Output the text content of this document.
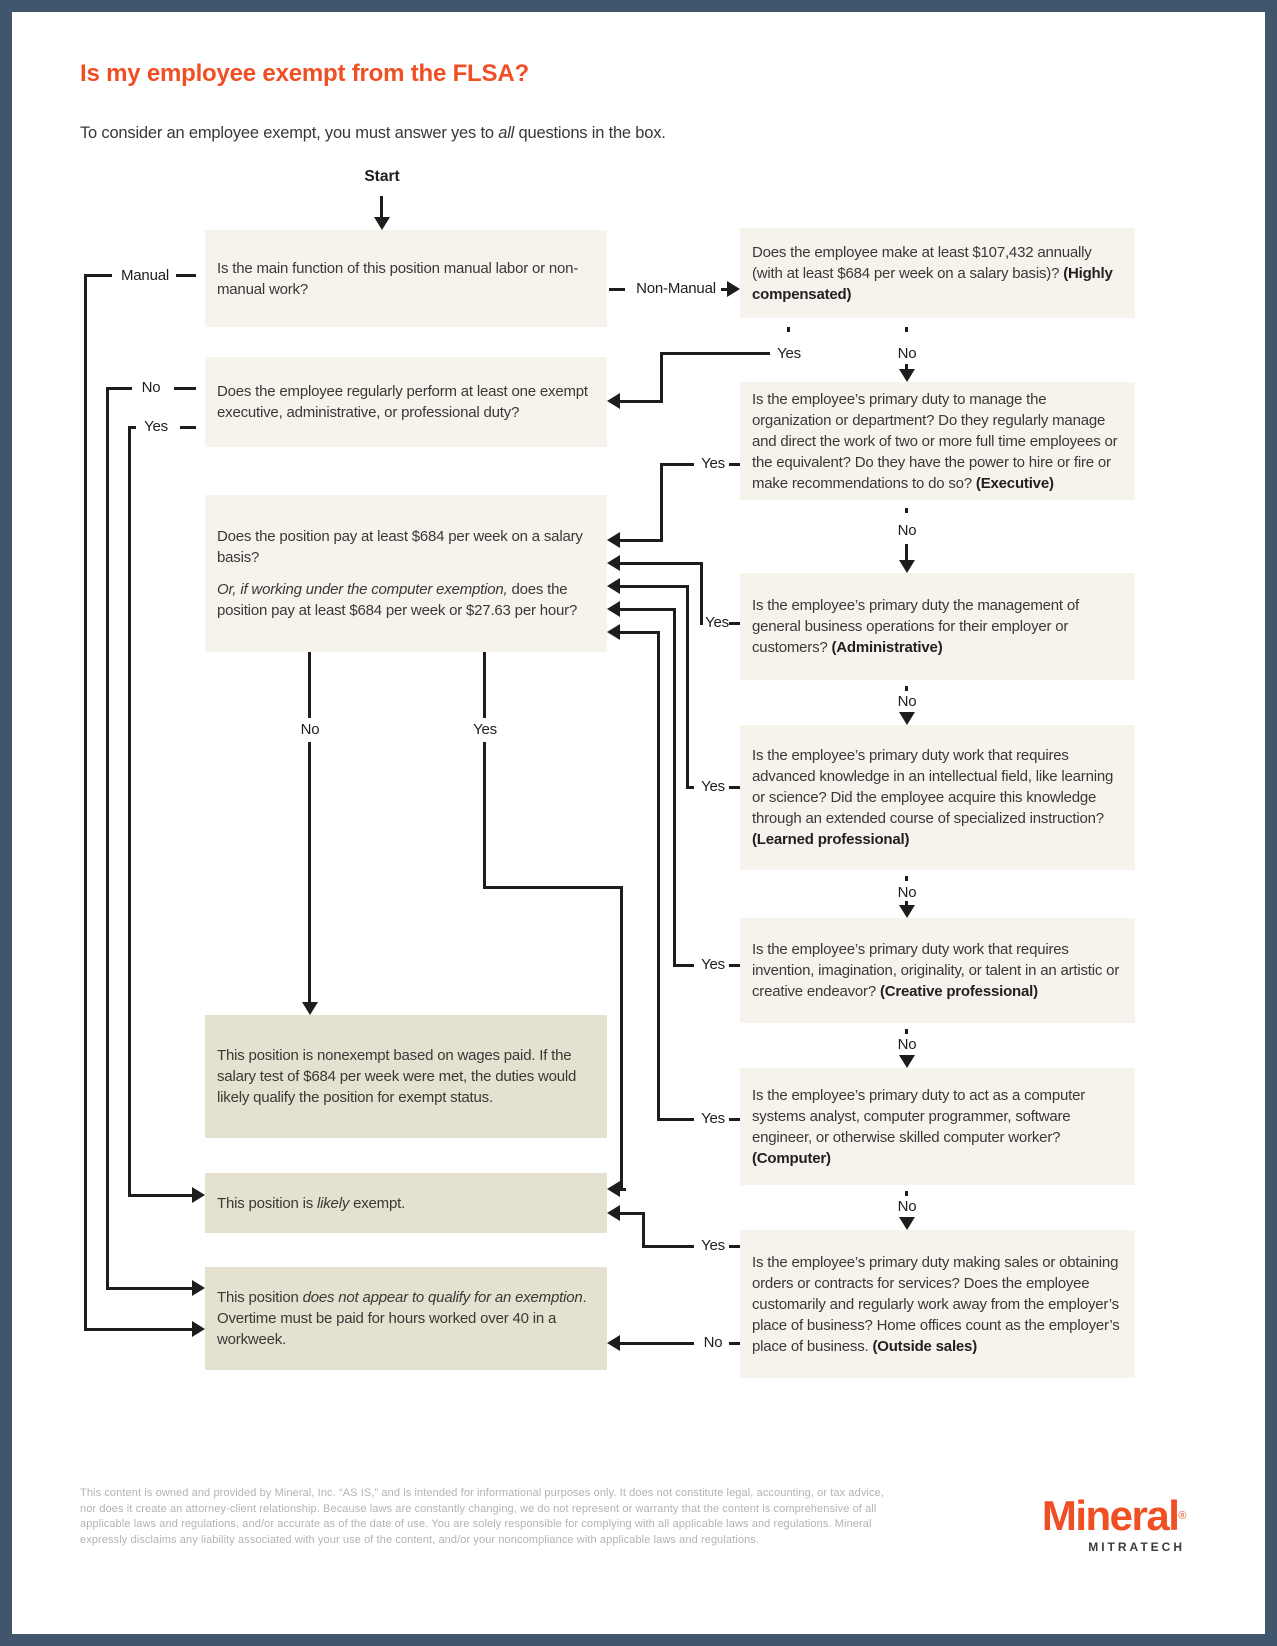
Is my employee exempt from the FLSA?
To consider an employee exempt, you must answer yes to all questions in the box.
Start
Is the main function of this position manual labor or non-manual work?
Does the employee regularly perform at least one exempt executive, administrative, or professional duty?
Does the position pay at least $684 per week on a salary basis?
Or, if working under the computer exemption, does the position pay at least $684 per week or $27.63 per hour?
This position is nonexempt based on wages paid. If the salary test of $684 per week were met, the duties would likely qualify the position for exempt status.
This position is likely exempt.
This position does not appear to qualify for an exemption. Overtime must be paid for hours worked over 40 in a workweek.
Does the employee make at least $107,432 annually (with at least $684 per week on a salary basis)? (Highly compensated)
Is the employee’s primary duty to manage the organization or department? Do they regularly manage and direct the work of two or more full time employees or the equivalent? Do they have the power to hire or fire or make recommendations to do so? (Executive)
Is the employee’s primary duty the management of general business operations for their employer or customers? (Administrative)
Is the employee’s primary duty work that requires advanced knowledge in an intellectual field, like learning or science? Did the employee acquire this knowledge through an extended course of specialized instruction? (Learned professional)
Is the employee’s primary duty work that requires invention, imagination, originality, or talent in an artistic or creative endeavor? (Creative professional)
Is the employee’s primary duty to act as a computer systems analyst, computer programmer, software engineer, or otherwise skilled computer worker? (Computer)
Is the employee’s primary duty making sales or obtaining orders or contracts for services? Does the employee customarily and regularly work away from the employer’s place of business? Home offices count as the employer’s place of business. (Outside sales)
Manual
No
Yes
Non-Manual
Yes	No
No
No
No
No
No
Yes
Yes
Yes
Yes
Yes
Yes
No
No	Yes
This content is owned and provided by Mineral, Inc. “AS IS,” and is intended for informational purposes only. It does not constitute legal, accounting, or tax advice, nor does it create an attorney-client relationship. Because laws are constantly changing, we do not represent or warranty that the content is comprehensive of all applicable laws and regulations, and/or accurate as of the date of use. You are solely responsible for complying with all applicable laws and regulations. Mineral expressly disclaims any liability associated with your use of the content, and/or your noncompliance with applicable laws and regulations.
Mineral®
MITRATECH
